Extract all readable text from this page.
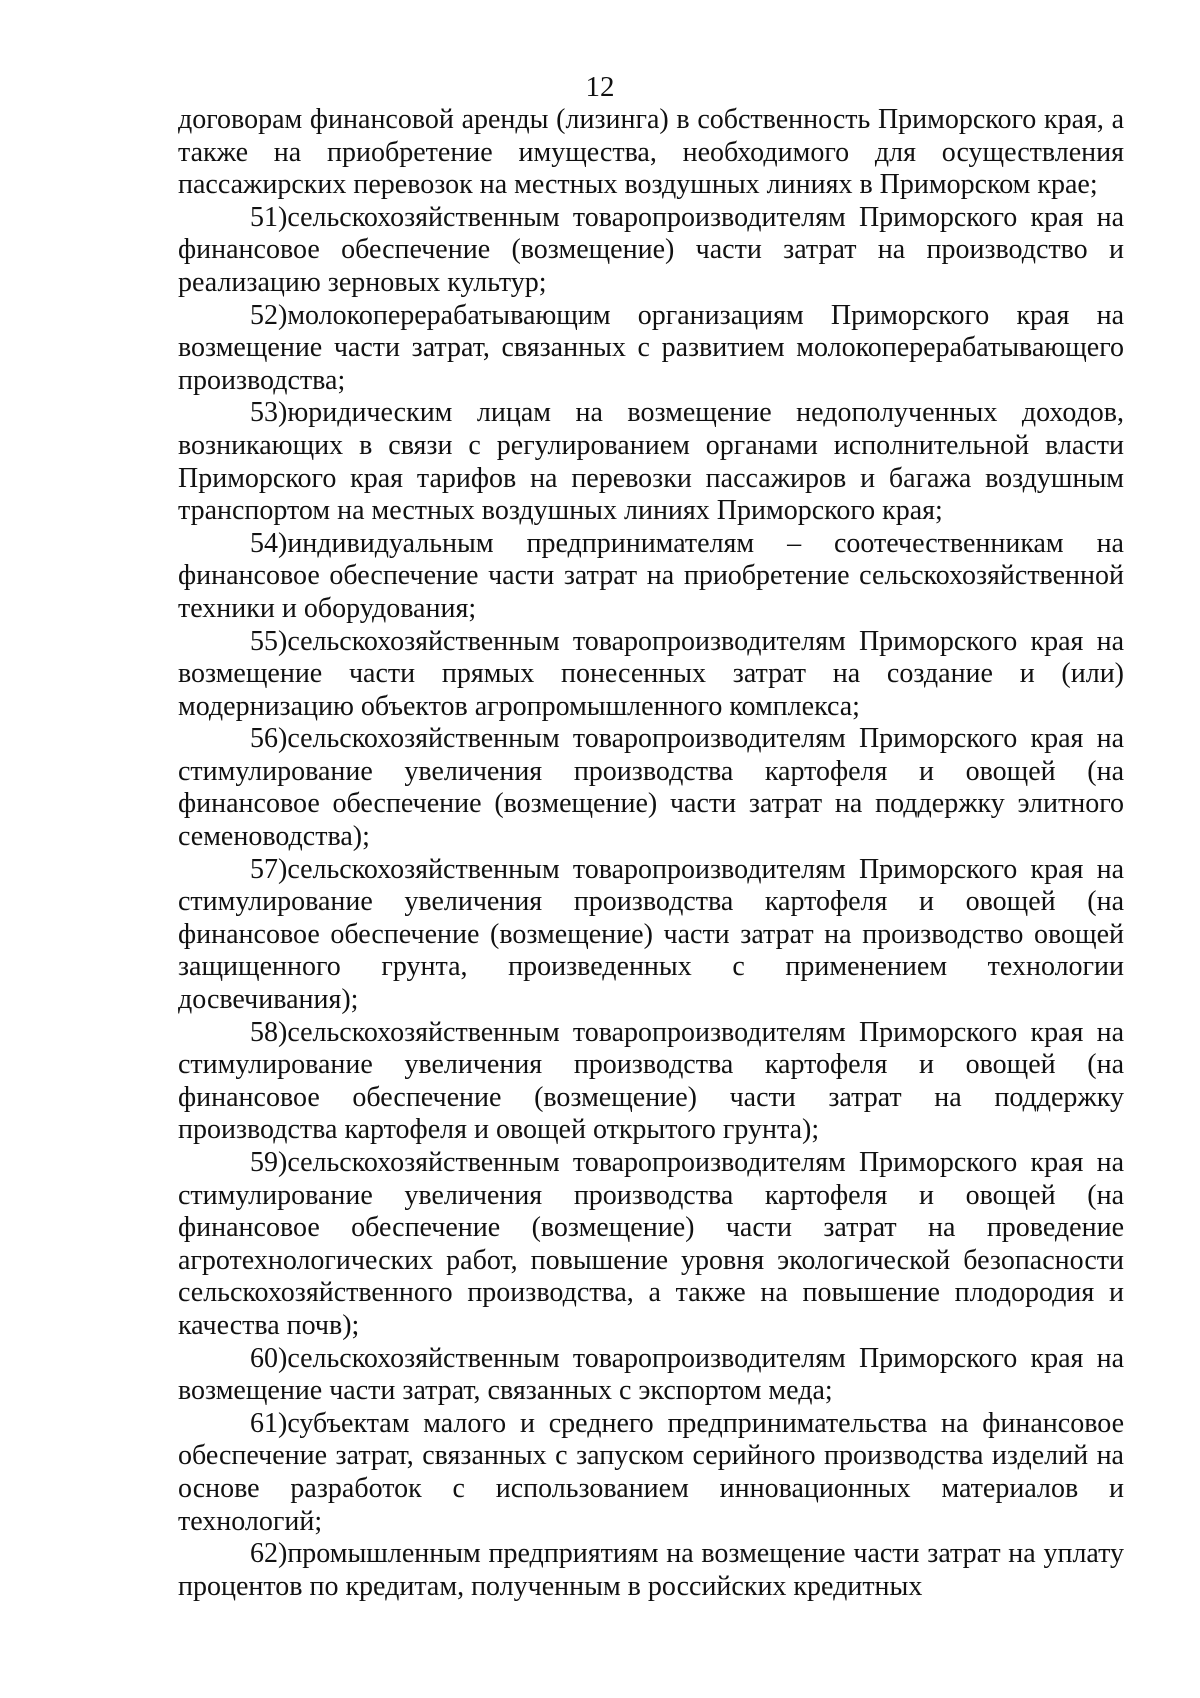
12

договорам финансовой аренды (лизинга) в собственность Приморского края, а также на приобретение имущества, необходимого для осуществления пассажирских перевозок на местных воздушных линиях в Приморском крае;

51)сельскохозяйственным товаропроизводителям Приморского края на финансовое обеспечение (возмещение) части затрат на производство и реализацию зерновых культур;

52)молокоперерабатывающим организациям Приморского края на возмещение части затрат, связанных с развитием молокоперерабатывающего производства;

53)юридическим лицам на возмещение недополученных доходов, возникающих в связи с регулированием органами исполнительной власти Приморского края тарифов на перевозки пассажиров и багажа воздушным транспортом на местных воздушных линиях Приморского края;

54)индивидуальным предпринимателям – соотечественникам на финансовое обеспечение части затрат на приобретение сельскохозяйственной техники и оборудования;

55)сельскохозяйственным товаропроизводителям Приморского края на возмещение части прямых понесенных затрат на создание и (или) модернизацию объектов агропромышленного комплекса;

56)сельскохозяйственным товаропроизводителям Приморского края на стимулирование увеличения производства картофеля и овощей (на финансовое обеспечение (возмещение) части затрат на поддержку элитного семеноводства);

57)сельскохозяйственным товаропроизводителям Приморского края на стимулирование увеличения производства картофеля и овощей (на финансовое обеспечение (возмещение) части затрат на производство овощей защищенного грунта, произведенных с применением технологии досвечивания);

58)сельскохозяйственным товаропроизводителям Приморского края на стимулирование увеличения производства картофеля и овощей (на финансовое обеспечение (возмещение) части затрат на поддержку производства картофеля и овощей открытого грунта);

59)сельскохозяйственным товаропроизводителям Приморского края на стимулирование увеличения производства картофеля и овощей (на финансовое обеспечение (возмещение) части затрат на проведение агротехнологических работ, повышение уровня экологической безопасности сельскохозяйственного производства, а также на повышение плодородия и качества почв);

60)сельскохозяйственным товаропроизводителям Приморского края на возмещение части затрат, связанных с экспортом меда;

61)субъектам малого и среднего предпринимательства на финансовое обеспечение затрат, связанных с запуском серийного производства изделий на основе разработок с использованием инновационных материалов и технологий;

62)промышленным предприятиям на возмещение части затрат на уплату процентов по кредитам, полученным в российских кредитных
